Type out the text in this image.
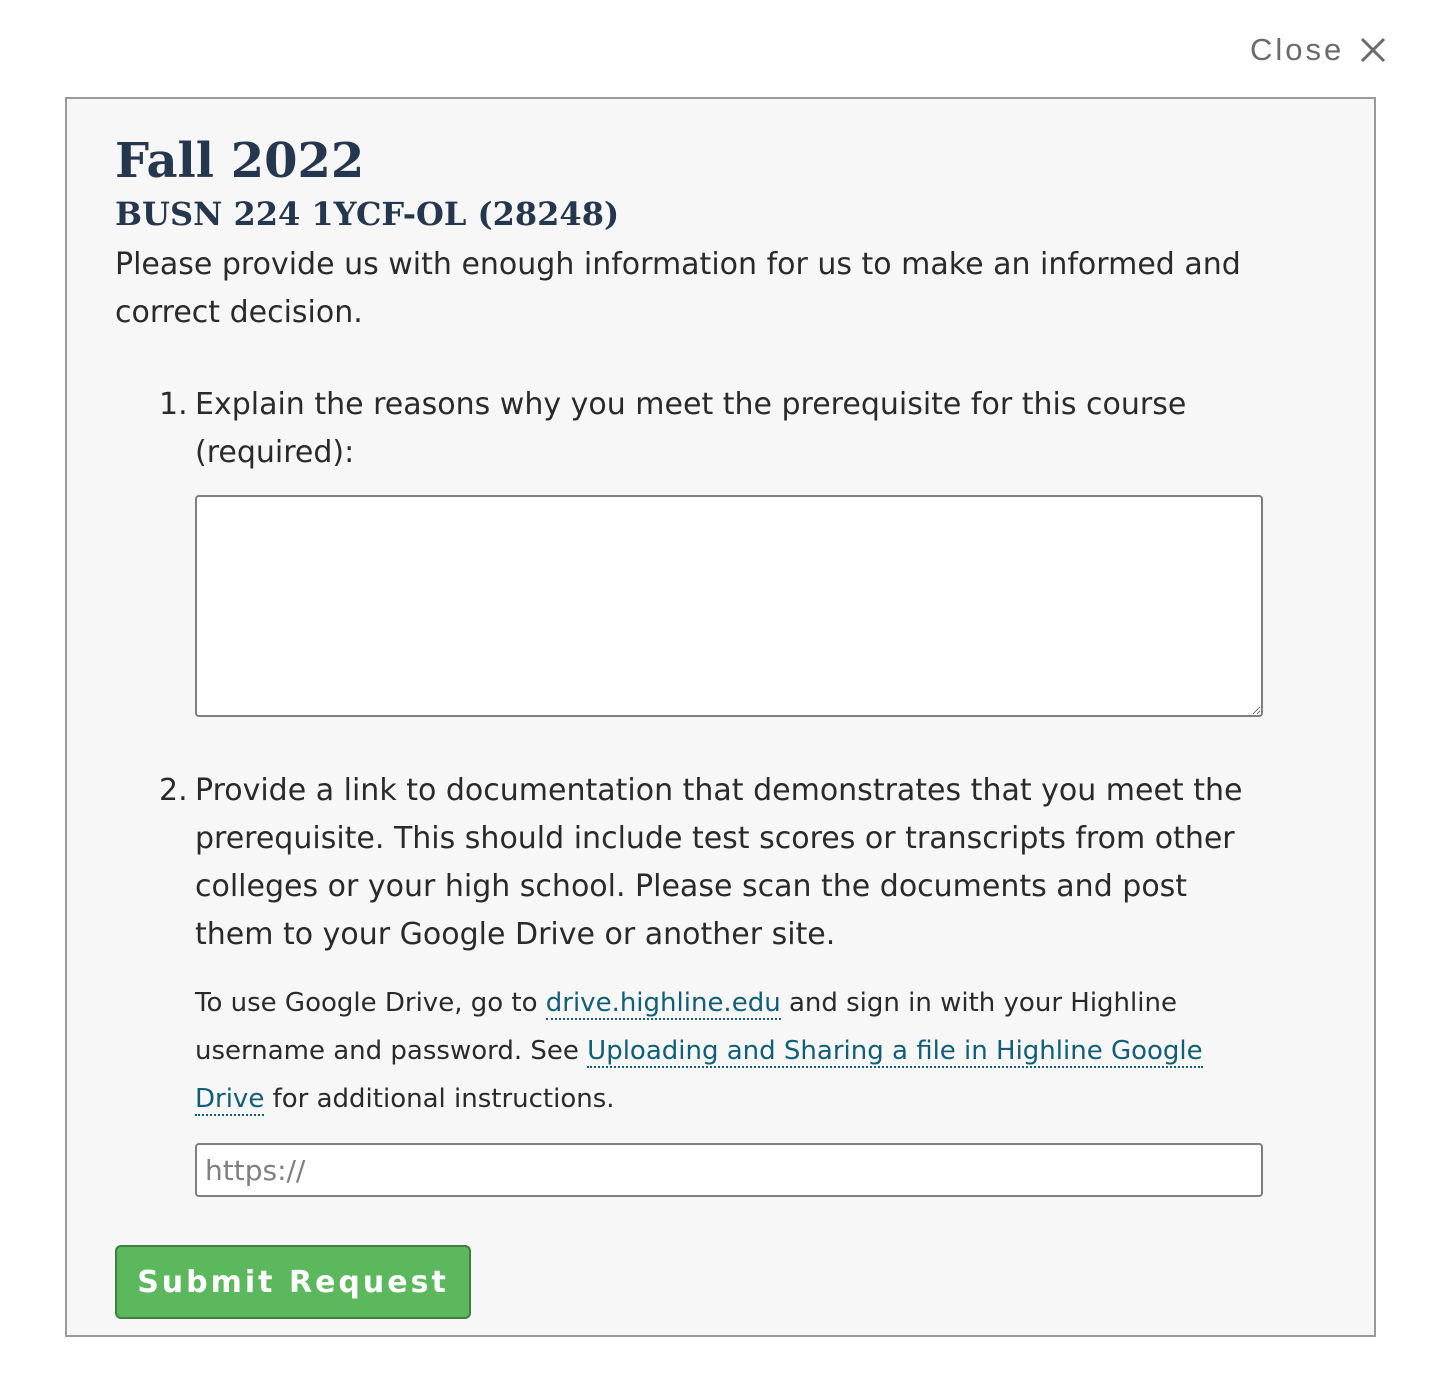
Close
Fall 2022
BUSN 224 1YCF-OL (28248)

Please provide us with enough information for us to make an informed and correct decision.

1. Explain the reasons why you meet the prerequisite for this course (required):
2. Provide a link to documentation that demonstrates that you meet the prerequisite. This should include test scores or transcripts from other colleges or your high school. Please scan the documents and post them to your Google Drive or another site.

To use Google Drive, go to drive.highline.edu and sign in with your Highline username and password. See Uploading and Sharing a file in Highline Google Drive for additional instructions.

https://
Submit Request
